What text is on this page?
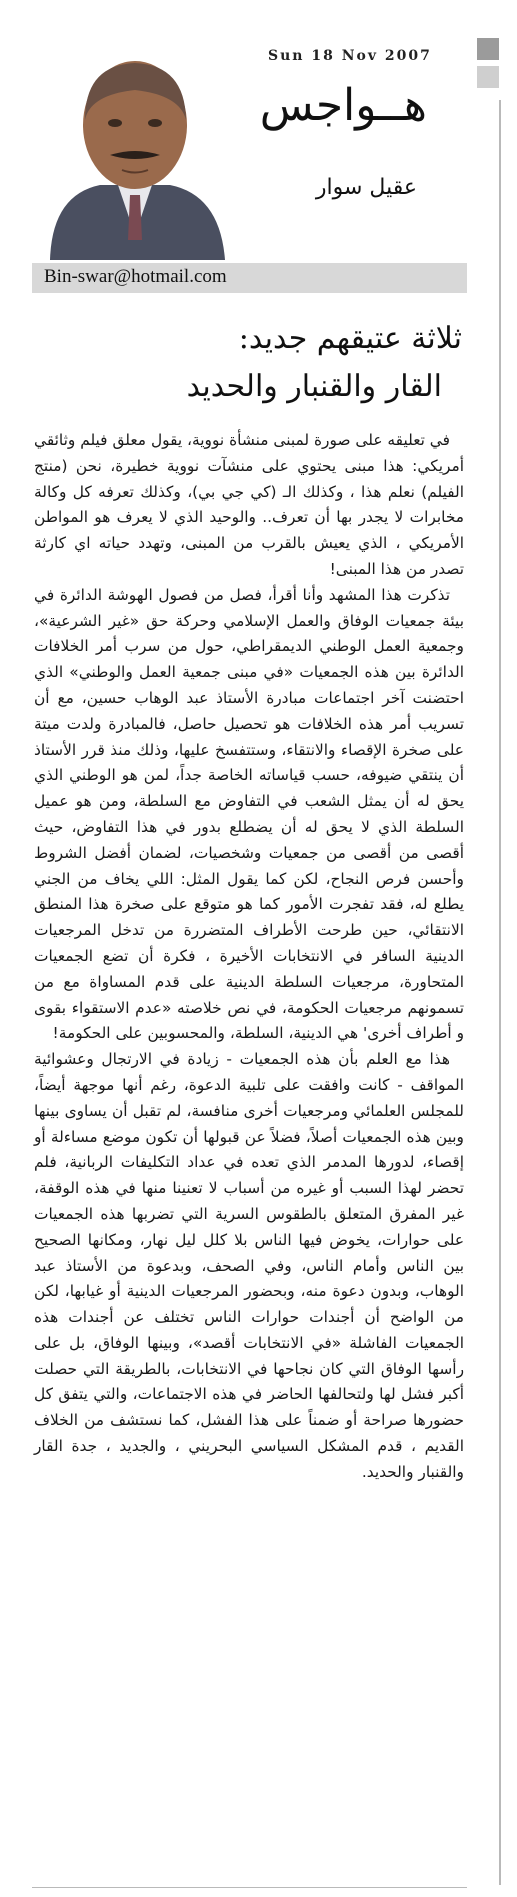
Sun 18 Nov 2007
هــواجس
عقيل سوار
Bin-swar@hotmail.com
ثلاثة عتيقهم جديد:
القار والقنبار والحديد

في تعليقه على صورة لمبنى منشأة نووية، يقول معلق فيلم وثائقي أمريكي: هذا مبنى يحتوي على منشآت نووية خطيرة، نحن (منتج الفيلم) نعلم هذا ، وكذلك الـ (كي جي بي)، وكذلك تعرفه كل وكالة مخابرات لا يجدر بها أن تعرف.. والوحيد الذي لا يعرف هو المواطن الأمريكي ، الذي يعيش بالقرب من المبنى، وتهدد حياته اي كارثة تصدر من هذا المبنى!

تذكرت هذا المشهد وأنا أقرأ، فصل من فصول الهوشة الدائرة في بيئة جمعيات الوفاق والعمل الإسلامي وحركة حق «غير الشرعية»، وجمعية العمل الوطني الديمقراطي، حول من سرب أمر الخلافات الدائرة بين هذه الجمعيات «في مبنى جمعية العمل والوطني» الذي احتضنت آخر اجتماعات مبادرة الأستاذ عبد الوهاب حسين، مع أن تسريب أمر هذه الخلافات هو تحصيل حاصل، فالمبادرة ولدت ميتة على صخرة الإقصاء والانتقاء، وستتفسخ عليها، وذلك منذ قرر الأستاذ أن ينتقي ضيوفه، حسب قياساته الخاصة جداً، لمن هو الوطني الذي يحق له أن يمثل الشعب في التفاوض مع السلطة، ومن هو عميل السلطة الذي لا يحق له أن يضطلع بدور في هذا التفاوض، حيث أقصى من أقصى من جمعيات وشخصيات، لضمان أفضل الشروط وأحسن فرص النجاح، لكن كما يقول المثل: اللي يخاف من الجني يطلع له، فقد تفجرت الأمور كما هو متوقع على صخرة هذا المنطق الانتقائي، حين طرحت الأطراف المتضررة من تدخل المرجعيات الدينية السافر في الانتخابات الأخيرة ، فكرة أن تضع الجمعيات المتحاورة، مرجعيات السلطة الدينية على قدم المساواة مع من تسمونهم مرجعيات الحكومة، في نص خلاصته «عدم الاستقواء بقوى و أطراف أخرى' هي الدينية، السلطة، والمحسوبين على الحكومة!

هذا مع العلم بأن هذه الجمعيات - زيادة في الارتجال وعشوائية المواقف - كانت وافقت على تلبية الدعوة، رغم أنها موجهة أيضاً، للمجلس العلمائي ومرجعيات أخرى منافسة، لم تقبل أن يساوى بينها وبين هذه الجمعيات أصلاً، فضلاً عن قبولها أن تكون موضع مساءلة أو إقصاء، لدورها المدمر الذي تعده في عداد التكليفات الربانية، فلم تحضر لهذا السبب أو غيره من أسباب لا تعنينا منها في هذه الوقفة، غير المفرق المتعلق بالطقوس السرية التي تضربها هذه الجمعيات على حوارات، يخوض فيها الناس بلا كلل ليل نهار، ومكانها الصحيح بين الناس وأمام الناس، وفي الصحف، وبدعوة من الأستاذ عبد الوهاب، وبدون دعوة منه، وبحضور المرجعيات الدينية أو غيابها، لكن من الواضح أن أجندات حوارات الناس تختلف عن أجندات هذه الجمعيات الفاشلة «في الانتخابات أقصد»، وبينها الوفاق، بل على رأسها الوفاق التي كان نجاحها في الانتخابات، بالطريقة التي حصلت أكبر فشل لها ولتحالفها الحاضر في هذه الاجتماعات، والتي يتفق كل حضورها صراحة أو ضمناً على هذا الفشل، كما نستشف من الخلاف القديم ، قدم المشكل السياسي البحريني ، والجديد ، جدة القار والقنبار والحديد.
